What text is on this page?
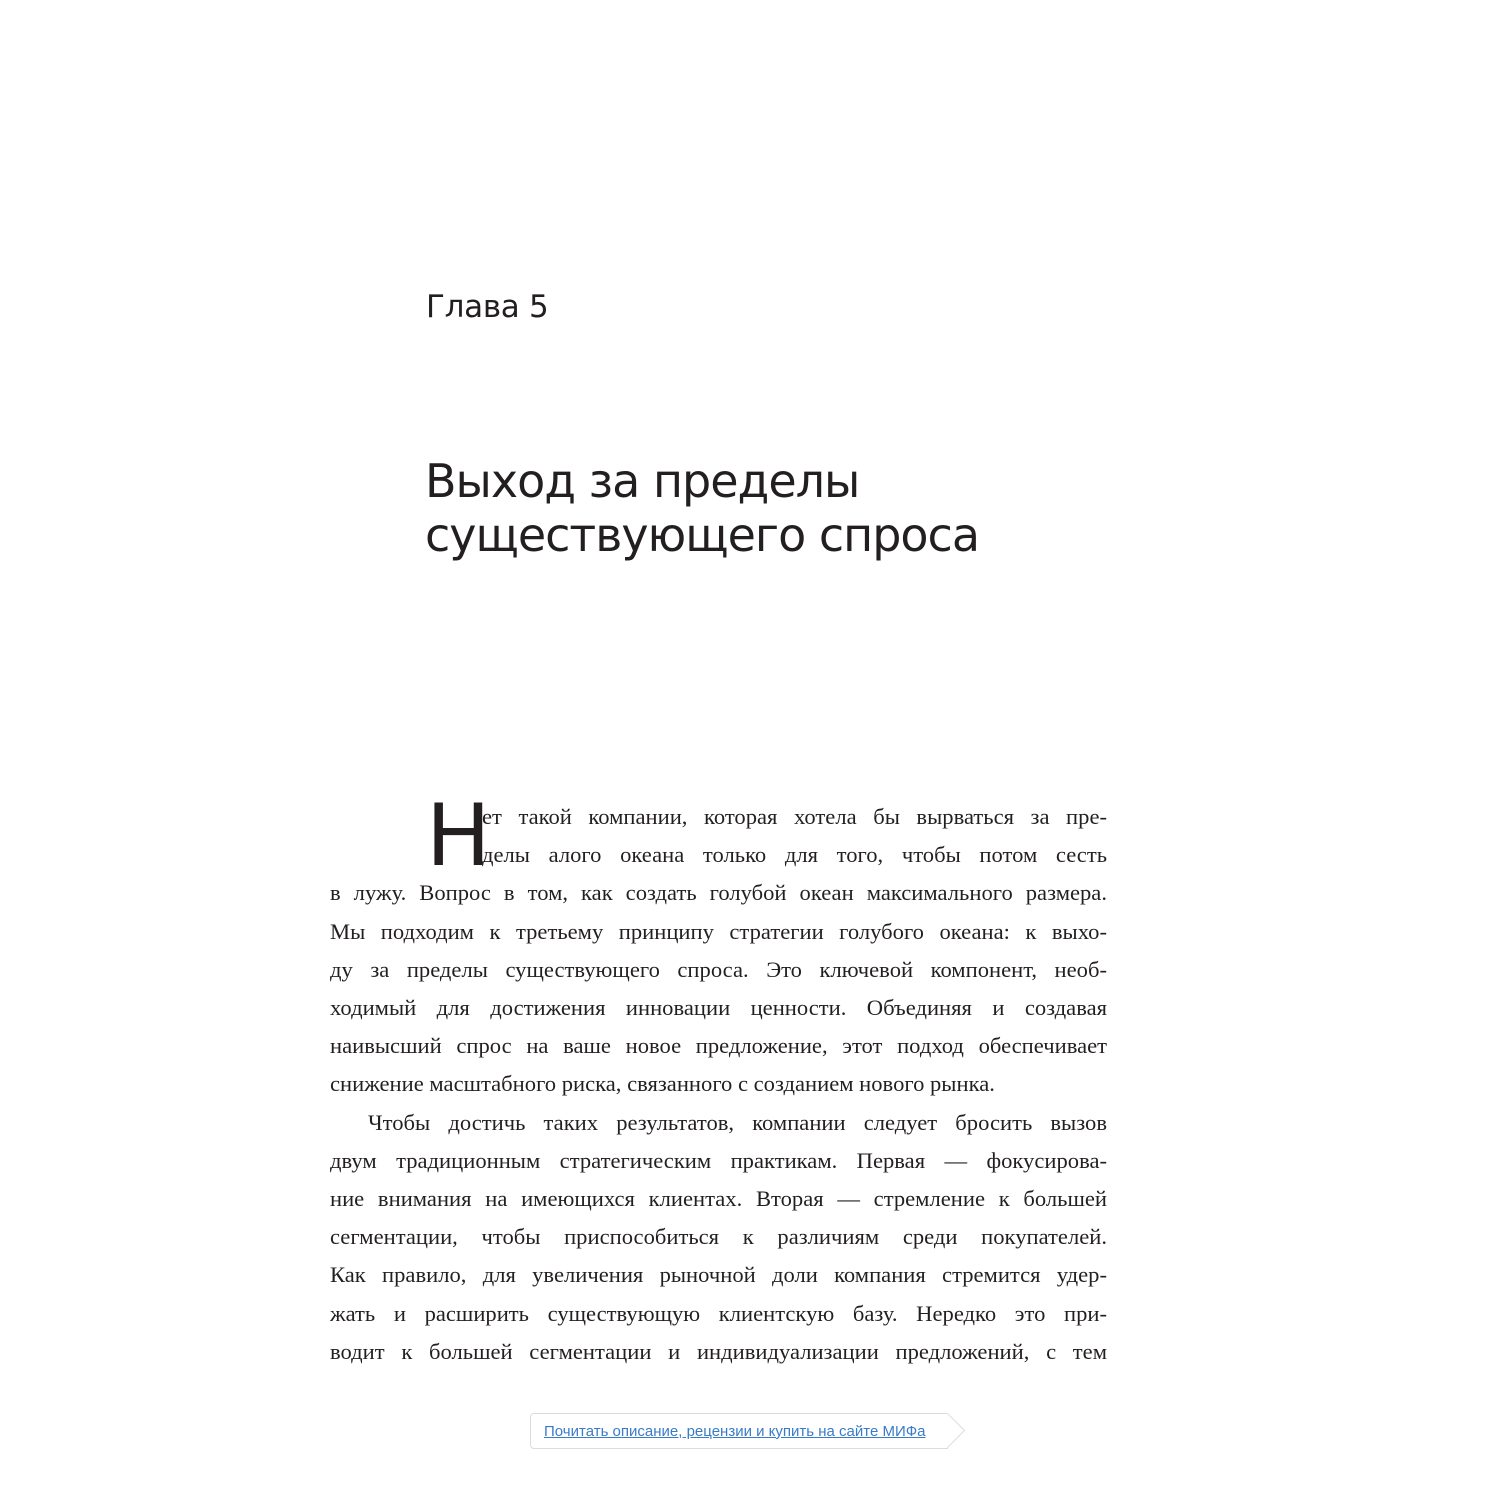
Глава 5
Выход за пределы
существующего спроса
Н
ет такой компании, которая хотела бы вырваться за пре-
делы алого океана только для того, чтобы потом сесть
в лужу. Вопрос в том, как создать голубой океан максимального размера.
Мы подходим к третьему принципу стратегии голубого океана: к выхо-
ду за пределы существующего спроса. Это ключевой компонент, необ-
ходимый для достижения инновации ценности. Объединяя и создавая
наивысший спрос на ваше новое предложение, этот подход обеспечивает
снижение масштабного риска, связанного с созданием нового рынка.
Чтобы достичь таких результатов, компании следует бросить вызов
двум традиционным стратегическим практикам. Первая — фокусирова-
ние внимания на имеющихся клиентах. Вторая — стремление к большей
сегментации, чтобы приспособиться к различиям среди покупателей.
Как правило, для увеличения рыночной доли компания стремится удер-
жать и расширить существующую клиентскую базу. Нередко это при-
водит к большей сегментации и индивидуализации предложений, с тем
Почитать описание, рецензии и купить на сайте МИФа
